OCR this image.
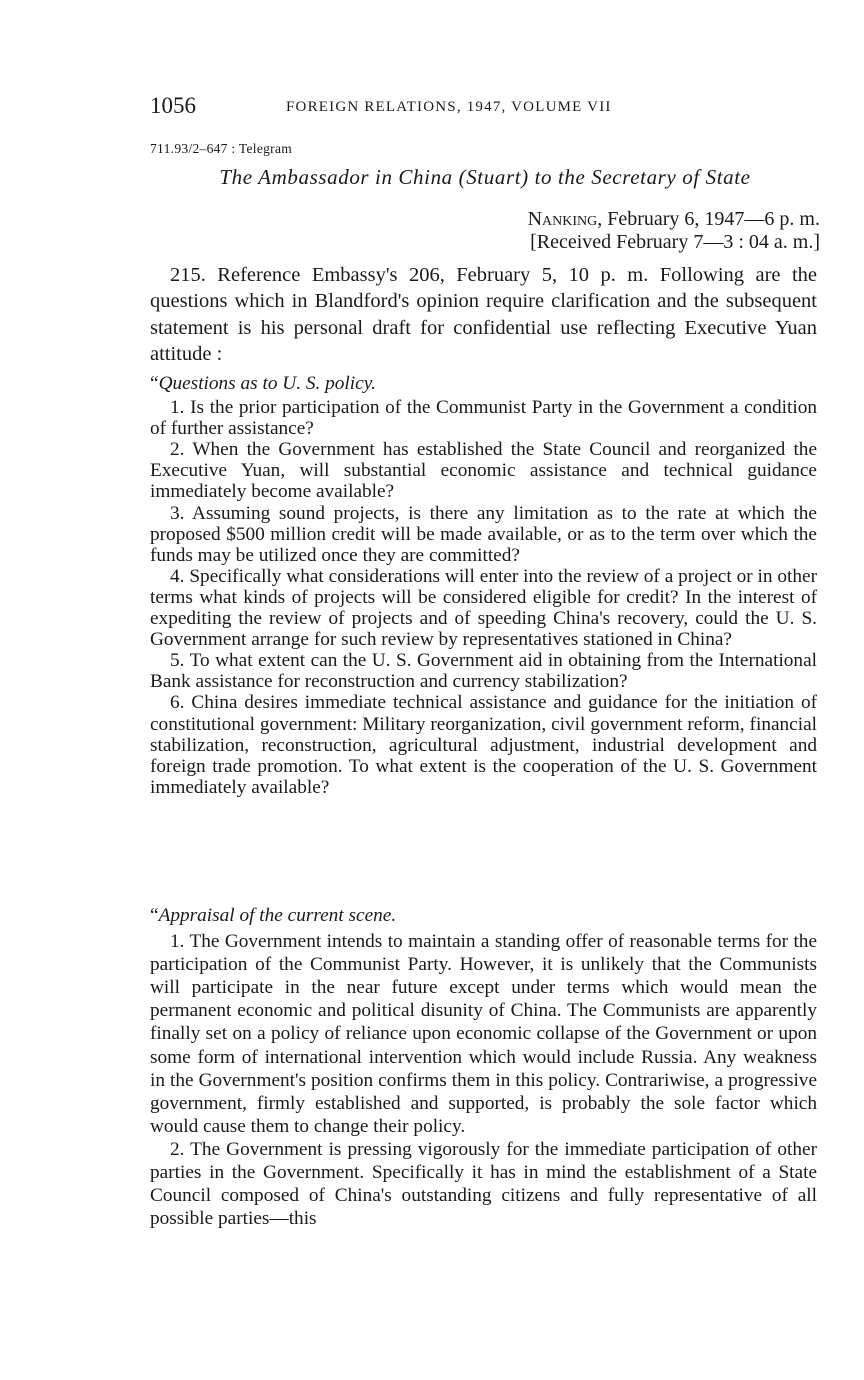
1056	FOREIGN RELATIONS, 1947, VOLUME VII
711.93/2–647 : Telegram
The Ambassador in China (Stuart) to the Secretary of State
Nanking, February 6, 1947—6 p. m.
[Received February 7—3 : 04 a. m.]

215. Reference Embassy's 206, February 5, 10 p. m. Following are the questions which in Blandford's opinion require clarification and the subsequent statement is his personal draft for confidential use reflecting Executive Yuan attitude :

“Questions as to U. S. policy.

1. Is the prior participation of the Communist Party in the Government a condition of further assistance?

2. When the Government has established the State Council and reorganized the Executive Yuan, will substantial economic assistance and technical guidance immediately become available?

3. Assuming sound projects, is there any limitation as to the rate at which the proposed $500 million credit will be made available, or as to the term over which the funds may be utilized once they are committed?

4. Specifically what considerations will enter into the review of a project or in other terms what kinds of projects will be considered eligible for credit? In the interest of expediting the review of projects and of speeding China's recovery, could the U. S. Government arrange for such review by representatives stationed in China?

5. To what extent can the U. S. Government aid in obtaining from the International Bank assistance for reconstruction and currency stabilization?

6. China desires immediate technical assistance and guidance for the initiation of constitutional government: Military reorganization, civil government reform, financial stabilization, reconstruction, agricultural adjustment, industrial development and foreign trade promotion. To what extent is the cooperation of the U. S. Government immediately available?

“Appraisal of the current scene.

1. The Government intends to maintain a standing offer of reasonable terms for the participation of the Communist Party. However, it is unlikely that the Communists will participate in the near future except under terms which would mean the permanent economic and political disunity of China. The Communists are apparently finally set on a policy of reliance upon economic collapse of the Government or upon some form of international intervention which would include Russia. Any weakness in the Government's position confirms them in this policy. Contrariwise, a progressive government, firmly established and supported, is probably the sole factor which would cause them to change their policy.

2. The Government is pressing vigorously for the immediate participation of other parties in the Government. Specifically it has in mind the establishment of a State Council composed of China's outstanding citizens and fully representative of all possible parties—this
